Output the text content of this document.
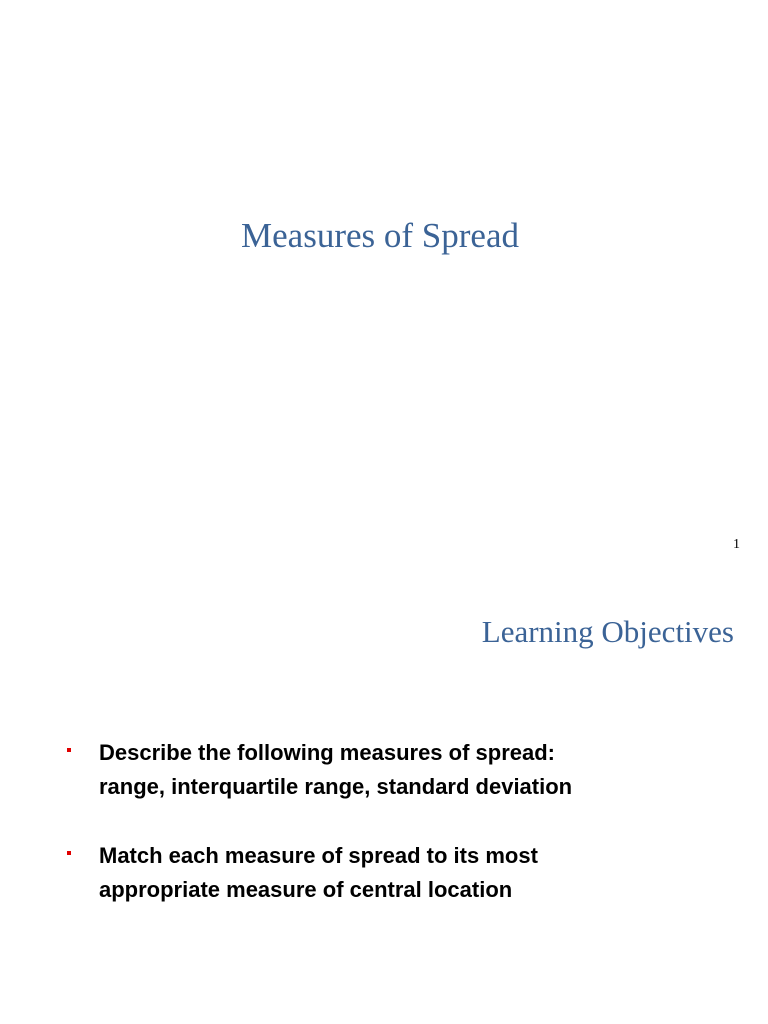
Measures of Spread
1
Learning Objectives
Describe the following measures of spread:
range, interquartile range, standard deviation
Match each measure of spread to its most
appropriate measure of central location
